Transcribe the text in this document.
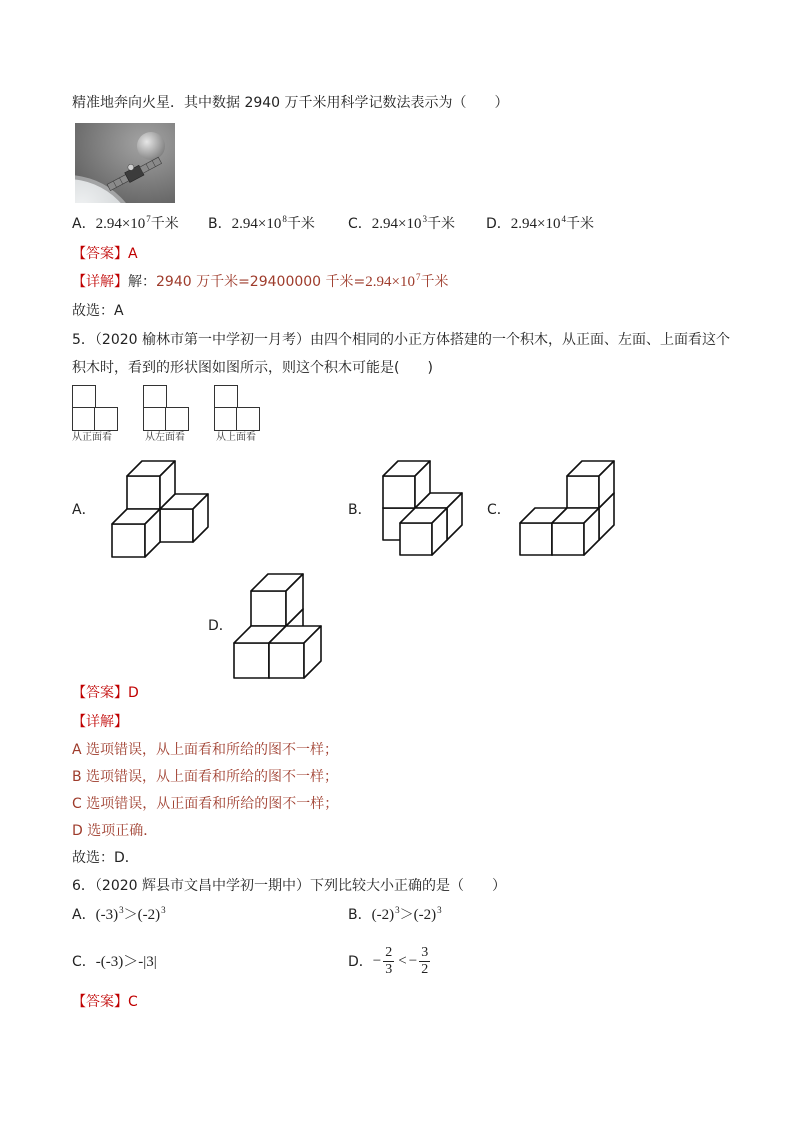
精准地奔向火星．其中数据 2940 万千米用科学记数法表示为（　　）
A．$2.94\times 10^7$千米 B．$2.94\times 10^8$千米 C．$2.94\times 10^3$千米 D．$2.94\times 10^4$千米
【答案】A
【详解】解：2940 万千米=29400000 千米$=2.94\times 10^7$千米
故选：A
5．（2020 榆林市第一中学初一月考）由四个相同的小正方体搭建的一个积木，从正面、左面、上面看这个
积木时，看到的形状图如图所示，则这个积木可能是(　　)
从正面看	从左面看	从上面看
A．	B．	C．
D．
【答案】D
【详解】
A 选项错误，从上面看和所给的图不一样；
B 选项错误，从上面看和所给的图不一样；
C 选项错误，从正面看和所给的图不一样；
D 选项正确．
故选：D．
6．（2020 辉县市文昌中学初一期中）下列比较大小正确的是（　　）
A．$(-3)^3>(-2)^3$	B．$(-2)^3>(-2)^3$
C．-(-3)＞-|3|	D． − $\frac{2}{3}$ < − $\frac{3}{2}$
【答案】C
